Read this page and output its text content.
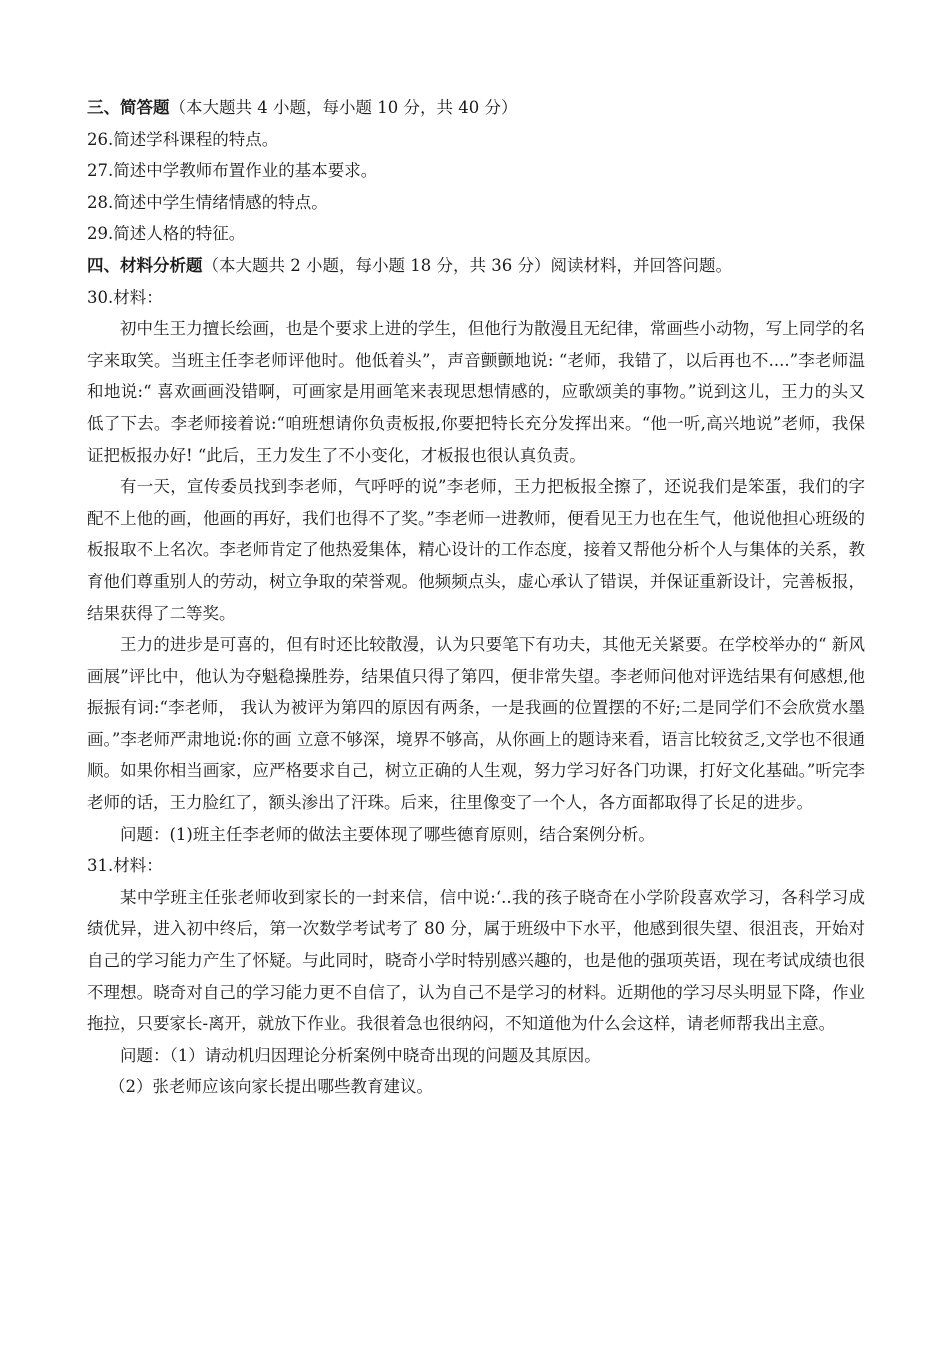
三、简答题（本大题共 4 小题，每小题 10 分，共 40 分）

26.简述学科课程的特点。

27.简述中学教师布置作业的基本要求。

28.简述中学生情绪情感的特点。

29.简述人格的特征。

四、材料分析题（本大题共 2 小题，每小题 18 分，共 36 分）阅读材料，并回答问题。

30.材料：

初中生王力擅长绘画，也是个要求上进的学生，但他行为散漫且无纪律，常画些小动物，写上同学的名字来取笑。当班主任李老师评他时。他低着头”，声音颤颤地说: “老师，我错了，以后再也不....”李老师温和地说:“ 喜欢画画没错啊，可画家是用画笔来表现思想情感的，应歌颂美的事物。”说到这儿，王力的头又低了下去。李老师接着说:“咱班想请你负责板报,你要把特长充分发挥出来。“他一听,高兴地说”老师，我保证把板报办好! “此后，王力发生了不小变化，才板报也很认真负责。

有一天，宣传委员找到李老师，气呼呼的说”李老师，王力把板报全擦了，还说我们是笨蛋，我们的字配不上他的画，他画的再好，我们也得不了奖。”李老师一进教师，便看见王力也在生气，他说他担心班级的板报取不上名次。李老师肯定了他热爱集体，精心设计的工作态度，接着又帮他分析个人与集体的关系，教育他们尊重别人的劳动，树立争取的荣誉观。他频频点头，虚心承认了错误，并保证重新设计，完善板报，结果获得了二等奖。

王力的进步是可喜的，但有时还比较散漫，认为只要笔下有功夫，其他无关紧要。在学校举办的“ 新风画展”评比中，他认为夺魁稳操胜券，结果值只得了第四，便非常失望。李老师问他对评选结果有何感想,他振振有词:“李老师， 我认为被评为第四的原因有两条，一是我画的位置摆的不好;二是同学们不会欣赏水墨画。”李老师严肃地说:你的画 立意不够深，境界不够高，从你画上的题诗来看，语言比较贫乏,文学也不很通顺。如果你相当画家，应严格要求自己，树立正确的人生观，努力学习好各门功课，打好文化基础。”听完李老师的话，王力脸红了，额头渗出了汗珠。后来，往里像变了一个人，各方面都取得了长足的进步。

问题：(1)班主任李老师的做法主要体现了哪些德育原则，结合案例分析。

31.材料：

某中学班主任张老师收到家长的一封来信，信中说:‘..我的孩子晓奇在小学阶段喜欢学习，各科学习成绩优异，进入初中终后，第一次数学考试考了 80 分，属于班级中下水平，他感到很失望、很沮丧，开始对自己的学习能力产生了怀疑。与此同时，晓奇小学时特别感兴趣的，也是他的强项英语，现在考试成绩也很不理想。晓奇对自己的学习能力更不自信了，认为自己不是学习的材料。近期他的学习尽头明显下降，作业拖拉，只要家长-离开，就放下作业。我很着急也很纳闷，不知道他为什么会这样，请老师帮我出主意。

问题：（1）请动机归因理论分析案例中晓奇出现的问题及其原因。

（2）张老师应该向家长提出哪些教育建议。
